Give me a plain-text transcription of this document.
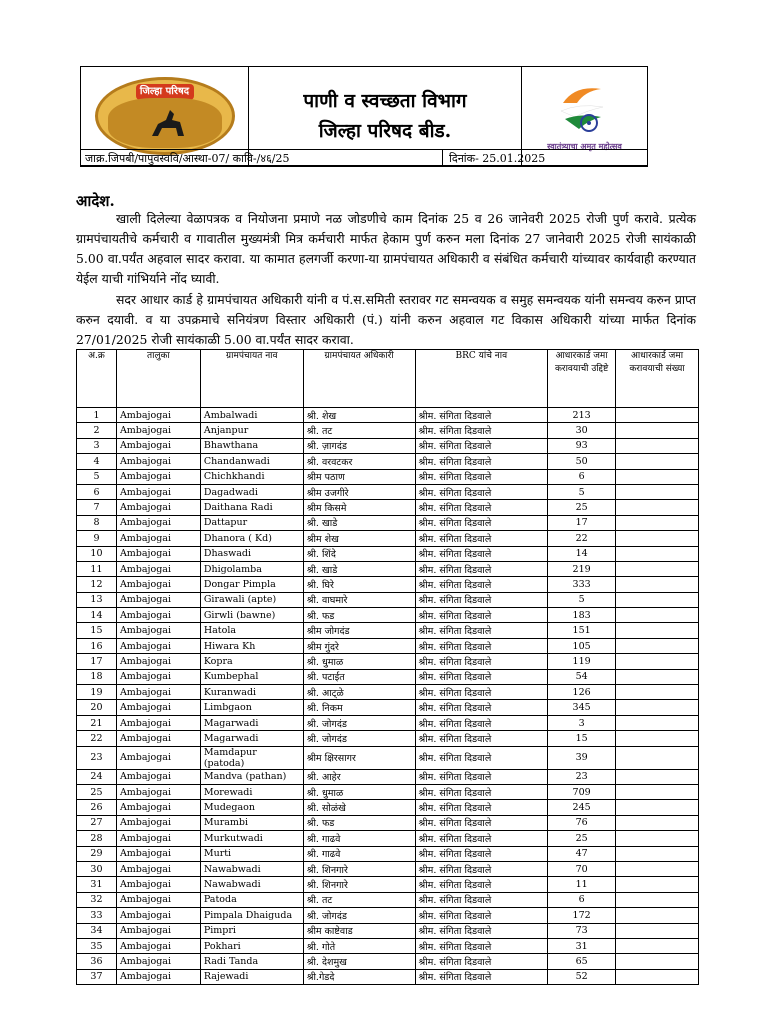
जिल्हा परिषद	पाणी व स्वच्छता विभाग
जिल्हा परिषद बीड.
स्वातंत्र्याचा अमृत महोत्सव
जाक्र.जिपबी/पापुवस्ववि/आस्था-07/ कावि-/४६/25	दिनांक- 25.01.2025
आदेश.
खाली दिलेल्या वेळापत्रक व नियोजना प्रमाणे नळ जोडणीचे काम दिनांक 25 व 26 जानेवरी 2025 रोजी पुर्ण करावे. प्रत्येक ग्रामपंचायतीचे कर्मचारी व गावातील मुख्यमंत्री मित्र कर्मचारी मार्फत हेकाम पुर्ण करुन मला दिनांक 27 जानेवारी 2025 रोजी सायंकाळी 5.00 वा.पर्यंत अहवाल सादर करावा. या कामात हलगर्जी करणा-या ग्रामपंचायत अधिकारी व संबंधित कर्मचारी यांच्यावर कार्यवाही करण्यात येईल याची गांभिर्याने नोंद घ्यावी.
सदर आधार कार्ड हे ग्रामपंचायत अधिकारी यांनी व पं.स.समिती स्तरावर गट समन्वयक व समुह समन्वयक यांनी समन्वय करुन प्राप्त करुन दयावी. व या उपक्रमाचे सनियंत्रण विस्तार अधिकारी (पं.) यांनी करुन अहवाल गट विकास अधिकारी यांच्या मार्फत दिनांक 27/01/2025 रोजी सायंकाळी 5.00 वा.पर्यंत सादर करावा.
अ.क्र	तालुका	ग्रामपंचायत नाव	ग्रामपंचायत अधिकारी	BRC यांचे नाव	आधारकार्ड जमा करावयाची उद्दिष्टे	आधारकार्ड जमा करावयाची संख्या
1	Ambajogai	Ambalwadi	श्री. शेख	श्रीम. संगिता दिडवाले	213	
2	Ambajogai	Anjanpur	श्री. तट	श्रीम. संगिता दिडवाले	30	
3	Ambajogai	Bhawthana	श्री. ज़ागदंड	श्रीम. संगिता दिडवाले	93	
4	Ambajogai	Chandanwadi	श्री. वरवटकर	श्रीम. संगिता दिडवाले	50	
5	Ambajogai	Chichkhandi	श्रीम पठाण	श्रीम. संगिता दिडवाले	6	
6	Ambajogai	Dagadwadi	श्रीम उजगीरे	श्रीम. संगिता दिडवाले	5	
7	Ambajogai	Daithana Radi	श्रीम किसमे	श्रीम. संगिता दिडवाले	25	
8	Ambajogai	Dattapur	श्री. खाडे	श्रीम. संगिता दिडवाले	17	
9	Ambajogai	Dhanora ( Kd)	श्रीम शेख	श्रीम. संगिता दिडवाले	22	
10	Ambajogai	Dhaswadi	श्री. शिंदे	श्रीम. संगिता दिडवाले	14	
11	Ambajogai	Dhigolamba	श्री. खाडे	श्रीम. संगिता दिडवाले	219	
12	Ambajogai	Dongar Pimpla	श्री. घिरे	श्रीम. संगिता दिडवाले	333	
13	Ambajogai	Girawali (apte)	श्री. वाघमारे	श्रीम. संगिता दिडवाले	5	
14	Ambajogai	Girwli (bawne)	श्री. फड	श्रीम. संगिता दिडवाले	183	
15	Ambajogai	Hatola	श्रीम जोगदंड	श्रीम. संगिता दिडवाले	151	
16	Ambajogai	Hiwara Kh	श्रीम गुंदरे	श्रीम. संगिता दिडवाले	105	
17	Ambajogai	Kopra	श्री. धुमाळ	श्रीम. संगिता दिडवाले	119	
18	Ambajogai	Kumbephal	श्री. पटाईत	श्रीम. संगिता दिडवाले	54	
19	Ambajogai	Kuranwadi	श्री. आट्ळे	श्रीम. संगिता दिडवाले	126	
20	Ambajogai	Limbgaon	श्री. निकम	श्रीम. संगिता दिडवाले	345	
21	Ambajogai	Magarwadi	श्री. जोगदंड	श्रीम. संगिता दिडवाले	3	
22	Ambajogai	Magarwadi	श्री. जोगदंड	श्रीम. संगिता दिडवाले	15	
23	Ambajogai	Mamdapur (patoda)	श्रीम क्षिरसागर	श्रीम. संगिता दिडवाले	39	
24	Ambajogai	Mandva (pathan)	श्री. आहेर	श्रीम. संगिता दिडवाले	23	
25	Ambajogai	Morewadi	श्री. धुमाळ	श्रीम. संगिता दिडवाले	709	
26	Ambajogai	Mudegaon	श्री. सोळंखे	श्रीम. संगिता दिडवाले	245	
27	Ambajogai	Murambi	श्री. फड	श्रीम. संगिता दिडवाले	76	
28	Ambajogai	Murkutwadi	श्री. गाढवे	श्रीम. संगिता दिडवाले	25	
29	Ambajogai	Murti	श्री. गाढवे	श्रीम. संगिता दिडवाले	47	
30	Ambajogai	Nawabwadi	श्री. शिनगारे	श्रीम. संगिता दिडवाले	70	
31	Ambajogai	Nawabwadi	श्री. शिनगारे	श्रीम. संगिता दिडवाले	11	
32	Ambajogai	Patoda	श्री. तट	श्रीम. संगिता दिडवाले	6	
33	Ambajogai	Pimpala Dhaiguda	श्री. जोगदंड	श्रीम. संगिता दिडवाले	172	
34	Ambajogai	Pimpri	श्रीम काष्टेवाड	श्रीम. संगिता दिडवाले	73	
35	Ambajogai	Pokhari	श्री. गोते	श्रीम. संगिता दिडवाले	31	
36	Ambajogai	Radi Tanda	श्री. देशमुख	श्रीम. संगिता दिडवाले	65	
37	Ambajogai	Rajewadi	श्री.गेडदे	श्रीम. संगिता दिडवाले	52	
